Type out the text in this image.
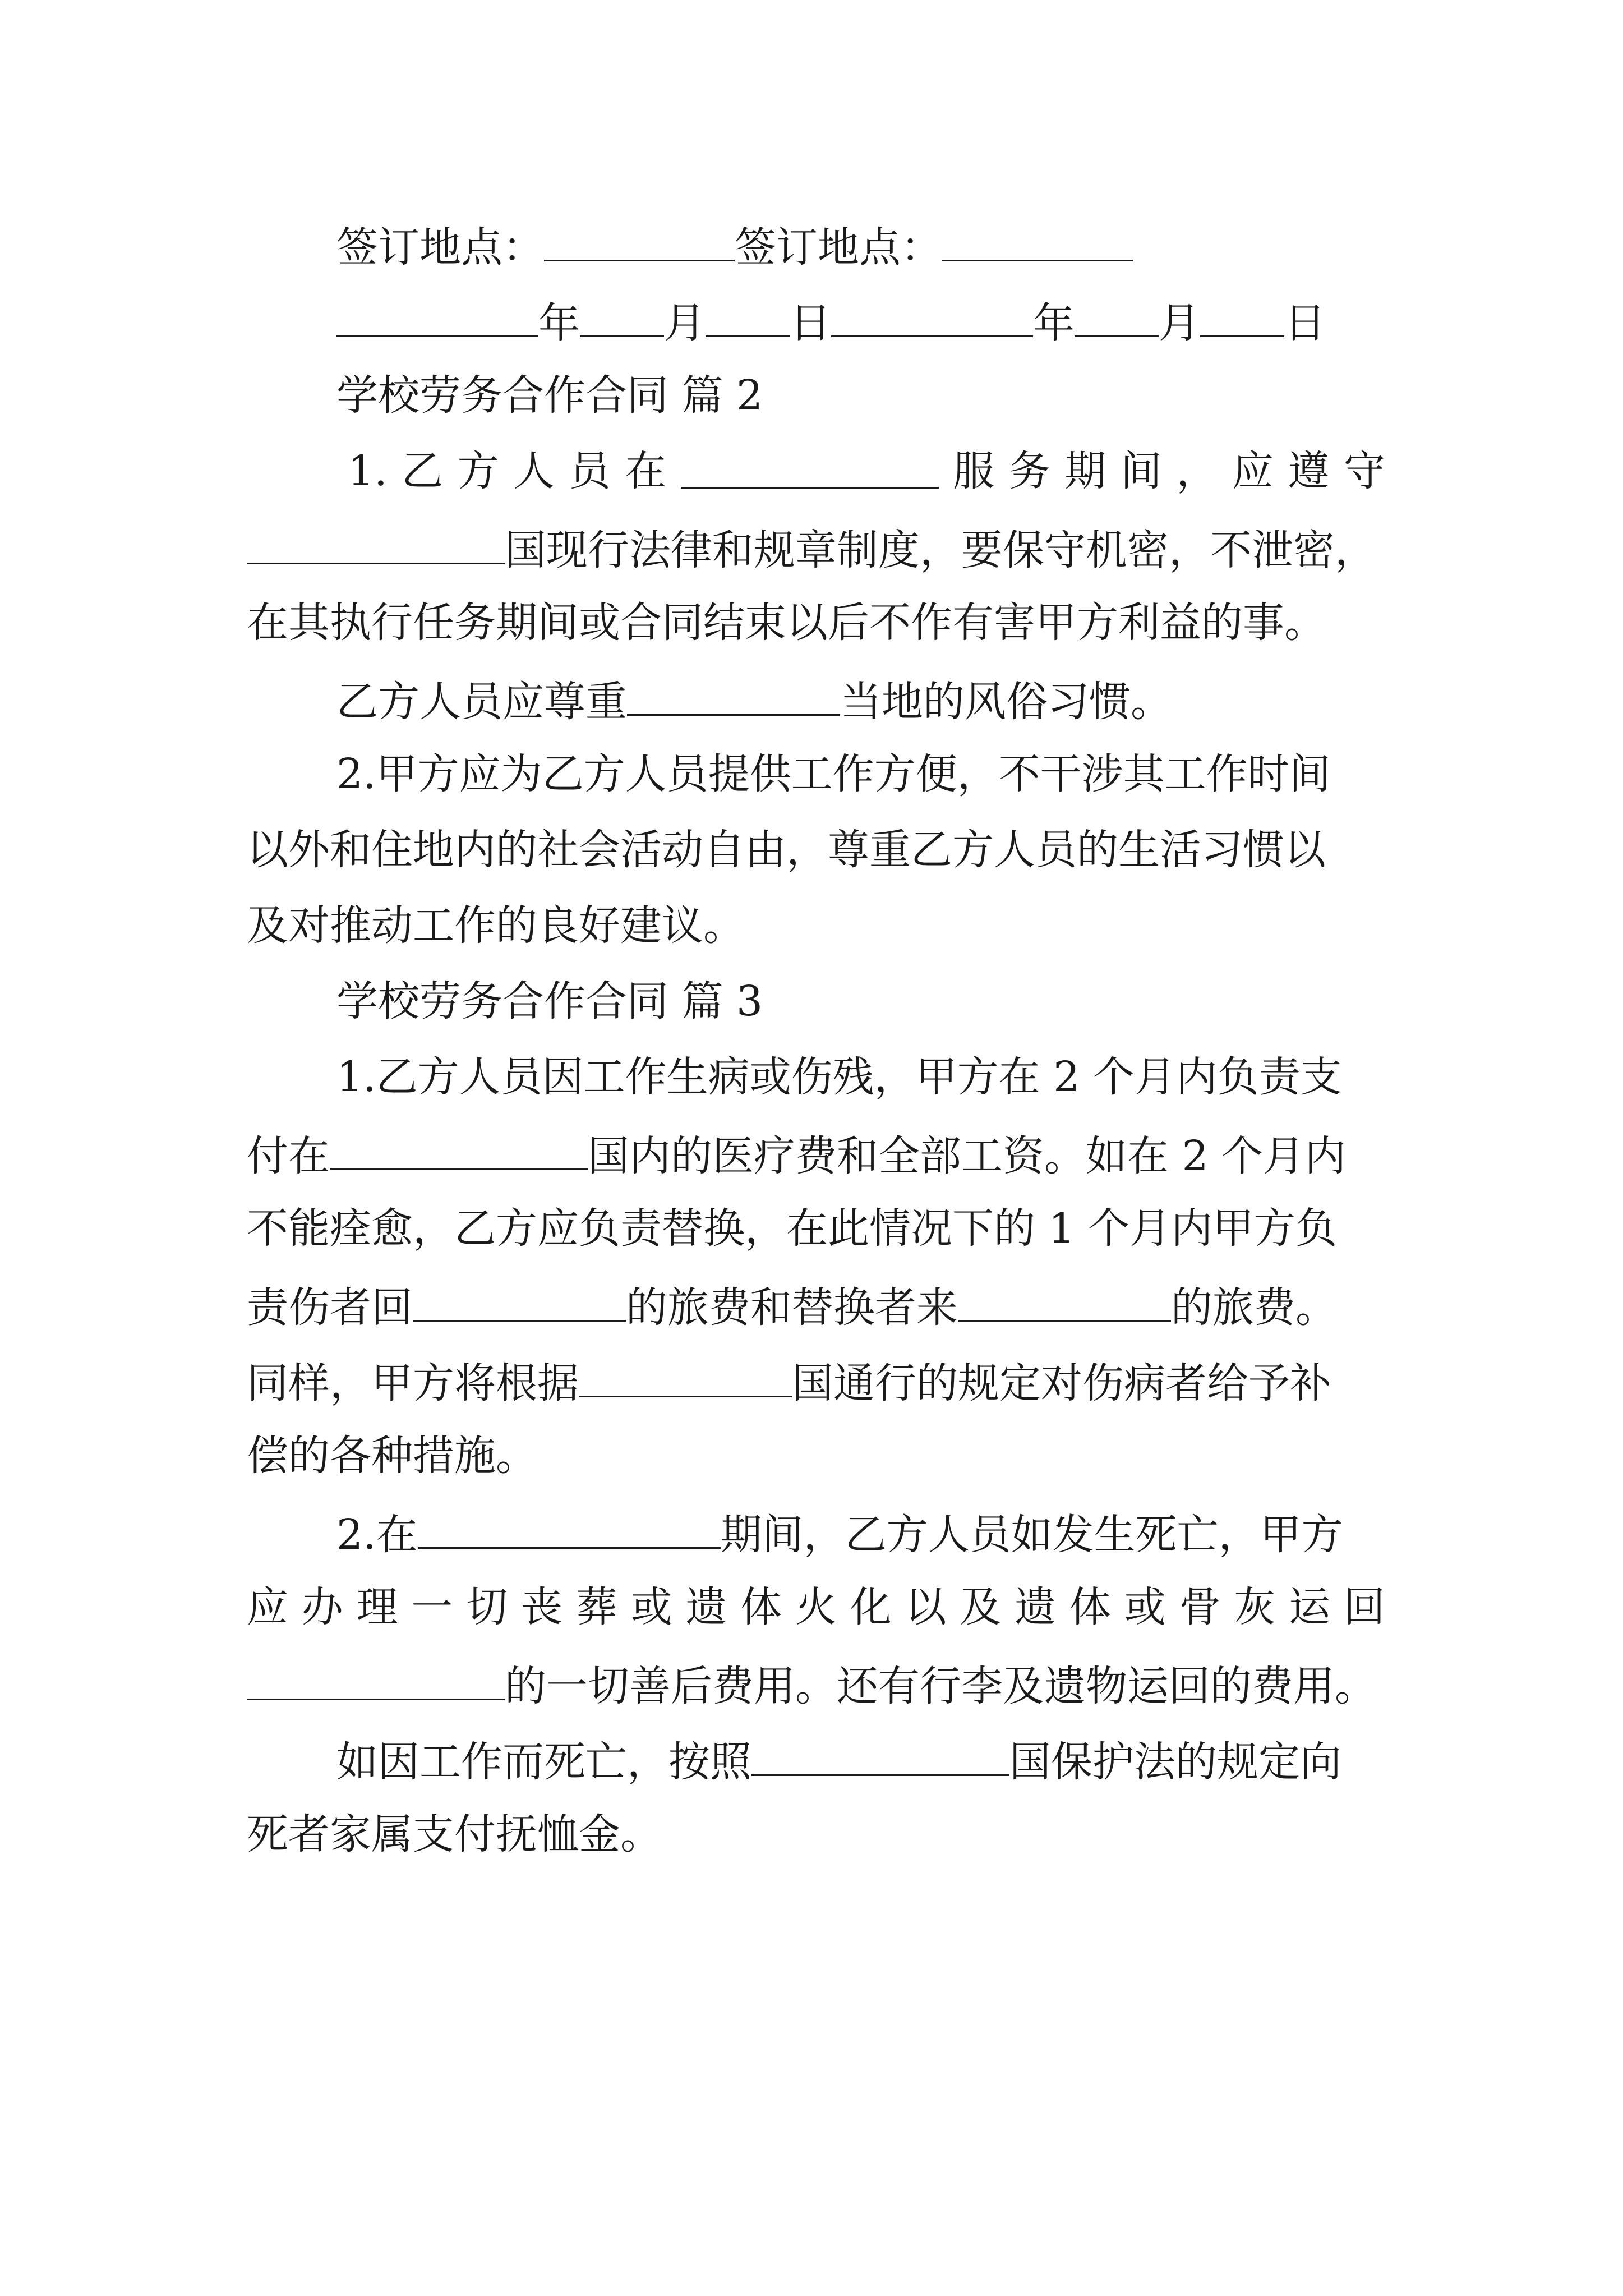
签订地点：	签订地点：
年 月 日	年 月 日
学校劳务合作合同 篇 2
1. 乙 方 人 员 在	服 务 期 间 ， 应 遵 守
国现行法律和规章制度，要保守机密，不泄密，
在其执行任务期间或合同结束以后不作有害甲方利益的事。
乙方人员应尊重	当地的风俗习惯。
2.甲方应为乙方人员提供工作方便，不干涉其工作时间
以外和住地内的社会活动自由，尊重乙方人员的生活习惯以
及对推动工作的良好建议。
学校劳务合作合同 篇 3
1.乙方人员因工作生病或伤残，甲方在 2 个月内负责支
付在	国内的医疗费和全部工资。如在 2 个月内
不能痊愈，乙方应负责替换，在此情况下的 1 个月内甲方负
责伤者回	的旅费和替换者来	的旅费。
同样，甲方将根据	国通行的规定对伤病者给予补
偿的各种措施。
2.在	期间，乙方人员如发生死亡，甲方
应 办 理 一 切 丧 葬 或 遗 体 火 化 以 及 遗 体 或 骨 灰 运 回
的一切善后费用。还有行李及遗物运回的费用。
如因工作而死亡，按照	国保护法的规定向
死者家属支付抚恤金。
